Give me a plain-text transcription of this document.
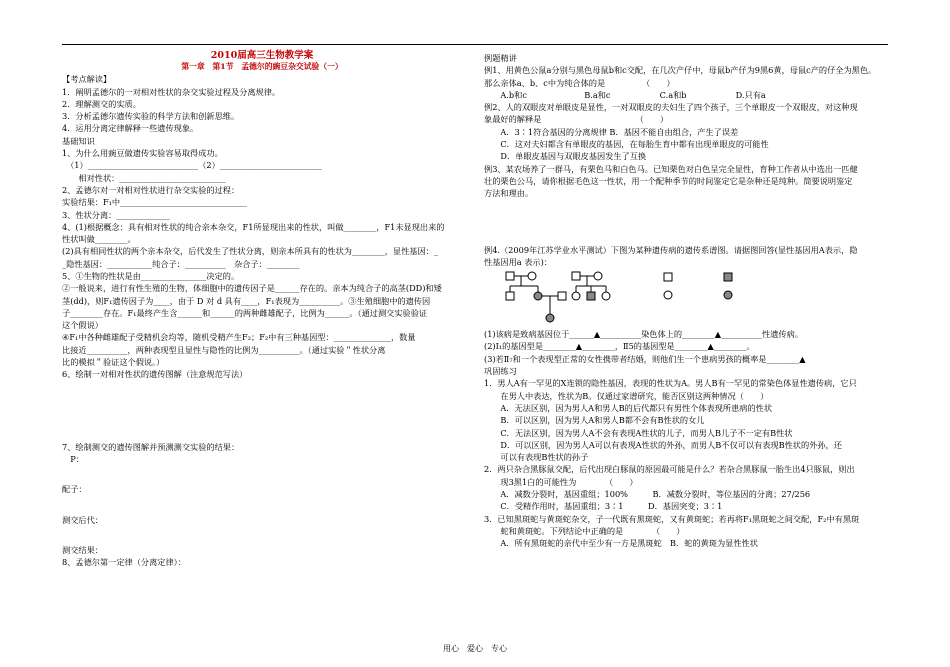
2010届高三生物教学案
第一章　第1节　孟德尔的豌豆杂交试验（一）
【考点解读】
1．阐明孟德尔的一对相对性状的杂交实验过程及分离规律。
2．理解测交的实质。
3．分析孟德尔遗传实验的科学方法和创新思维。
4．运用分离定律解释一些遗传现象。
基础知识
1、为什么用豌豆做遗传实验容易取得成功。
　（1）___________________________（2）_________________________
　　相对性状：__________________________
2、孟德尔对一对相对性状进行杂交实验的过程：
实验结果：F₁中_______________________________
3、性状分离：_____________
4、(1)根据概念：具有相对性状的纯合亲本杂交，F1所显现出来的性状，叫做________，F1未显现出来的
性状叫做________。
(2)具有相同性状的两个亲本杂交，后代发生了性状分离，则亲本所具有的性状为________，显性基因：_
_隐性基因：___________纯合子：__________　杂合子：________
5、①生物的性状是由________________决定的。
②一般说来，进行有性生殖的生物，体细胞中的遗传因子是______存在的。亲本为纯合子的高茎(DD)和矮
茎(dd)，则F₁遗传因子为____，由于 D 对 d 具有____，F₁表现为__________。③生殖细胞中的遗传因
子________存在。F₁最终产生含______和______的两种雌雄配子，比例为______。（通过测交实验验证
这个假说）
④F₁中各种雌雄配子受精机会均等，随机受精产生F₂；F₂中有三种基因型：______________，数量
比接近__________，两种表现型且显性与隐性的比例为__________。（通过实验＂性状分离
比的模拟＂验证这个假说。）
6、绘制一对相对性状的遗传图解（注意规范写法）
7、绘制测交的遗传图解并预测测交实验的结果：
　P：
配子：
测交后代：
测交结果：
8、孟德尔第一定律（分离定律）：
例题精讲
例1、用黄色公鼠a分别与黑色母鼠b和c交配，在几次产仔中，母鼠b产仔为9黑6黄，母鼠c产的仔全为黑色。
那么亲体a、b、c中为纯合体的是　　　　　（　　）
　　A.b和c　　　　　　　B.a和c　　　　　　C.a和b　　　　　　D.只有a
例2、人的双眼皮对单眼皮是显性，一对双眼皮的夫妇生了四个孩子，三个单眼皮一个双眼皮，对这种现
象最好的解释是　　　　　　　　　　　　（　　）
　　A．3∶1符合基因的分离规律 B．基因不能自由组合，产生了误差
　　C．这对夫妇都含有单眼皮的基因，在每胎生育中都有出现单眼皮的可能性
　　D．单眼皮基因与双眼皮基因发生了互换
例3、某农场养了一群马，有栗色马和白色马。已知栗色对白色呈完全显性，育种工作者从中选出一匹健
壮的栗色公马，请你根据毛色这一性状，用一个配种季节的时间鉴定它是杂种还是纯种。简要说明鉴定
方法和理由。
例4.（2009年江苏学业水平测试）下图为某种遗传病的遗传系谱图。请据图回答(显性基因用A表示，隐
性基因用a 表示)：
(1)该病是致病基因位于______▲__________染色体上的________▲__________性遗传病。
(2)Ⅰ₁的基因型是________▲________，Ⅱ5的基因型是________▲________。
(3)若Ⅱ₇和一个表现型正常的女性携带者结婚，则他们生一个患病男孩的概率是________▲
巩固练习
1．男人A有一罕见的X连锁的隐性基因，表现的性状为A。男人B有一罕见的常染色体显性遗传病，它只
　　在男人中表达，性状为B。仅通过家谱研究，能否区别这两种情况（　　）
　　A．无法区别，因为男人A和男人B的后代都只有男性个体表现所患病的性状
　　B．可以区别，因为男人A和男人B都不会有B性状的女儿
　　C．无法区别，因为男人A不会有表现A性状的儿子，而男人B儿子不一定有B性状
　　D．可以区别，因为男人A可以有表现A性状的外孙，而男人B不仅可以有表现B性状的外孙，还
　　可以有表现B性状的孙子
2．两只杂合黑豚鼠交配，后代出现白豚鼠的原因最可能是什么？若杂合黑豚鼠一胎生出4只豚鼠，则出
　　现3黑1白的可能性为　　　　（　　）
　　A．减数分裂时，基因重组；100%　　　B．减数分裂时，等位基因的分离；27/256
　　C．受精作用时，基因重组；3∶1　　　D．基因突变；3∶1
3．已知黑斑蛇与黄斑蛇杂交，子一代既有黑斑蛇，又有黄斑蛇；若再将F₁黑斑蛇之间交配，F₂中有黑斑
　　蛇和黄斑蛇。下列结论中正确的是　　　　（　　）
　　A．所有黑斑蛇的亲代中至少有一方是黑斑蛇　B．蛇的黄斑为显性性状
用心　爱心　专心
